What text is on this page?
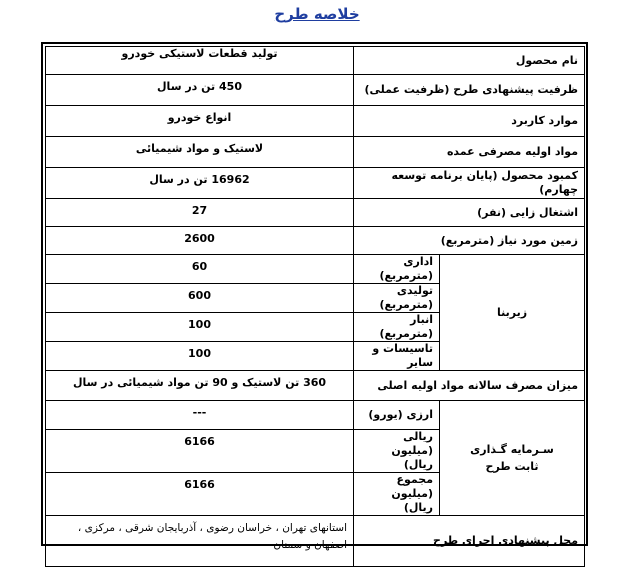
خلاصه طرح
نام محصول		تولید قطعات لاستیکی خودرو
ظرفیت پیشنهادی طرح (ظرفیت عملی)		450 تن در سال
موارد کاربرد		انواع خودرو
مواد اولیه مصرفی عمده		لاستیک و مواد شیمیائی
کمبود محصول (پایان برنامه توسعه چهارم)		16962 تن در سال
اشتغال زایی (نفر)		27
زمین مورد نیاز (مترمربع)		2600
زیربنا	اداری (مترمربع)	60
	تولیدی (مترمربع)	600
	انبار (مترمربع)	100
	تاسیسات و سایر	100
میزان مصرف سالانه مواد اولیه اصلی		360 تن لاستیک و 90 تن مواد شیمیائی در سال

سـرمایه گـذاری
ثابت طرح	ارزی (یورو)	---
	ریالی (میلیون ریال)	6166
	مجموع (میلیون ریال)	6166
محل پیشنهادی اجرای طرح		استانهای تهران ، خراسان رضوی ، آذربایجان شرقی ، مرکزی ،
اصفهان و سمنان
